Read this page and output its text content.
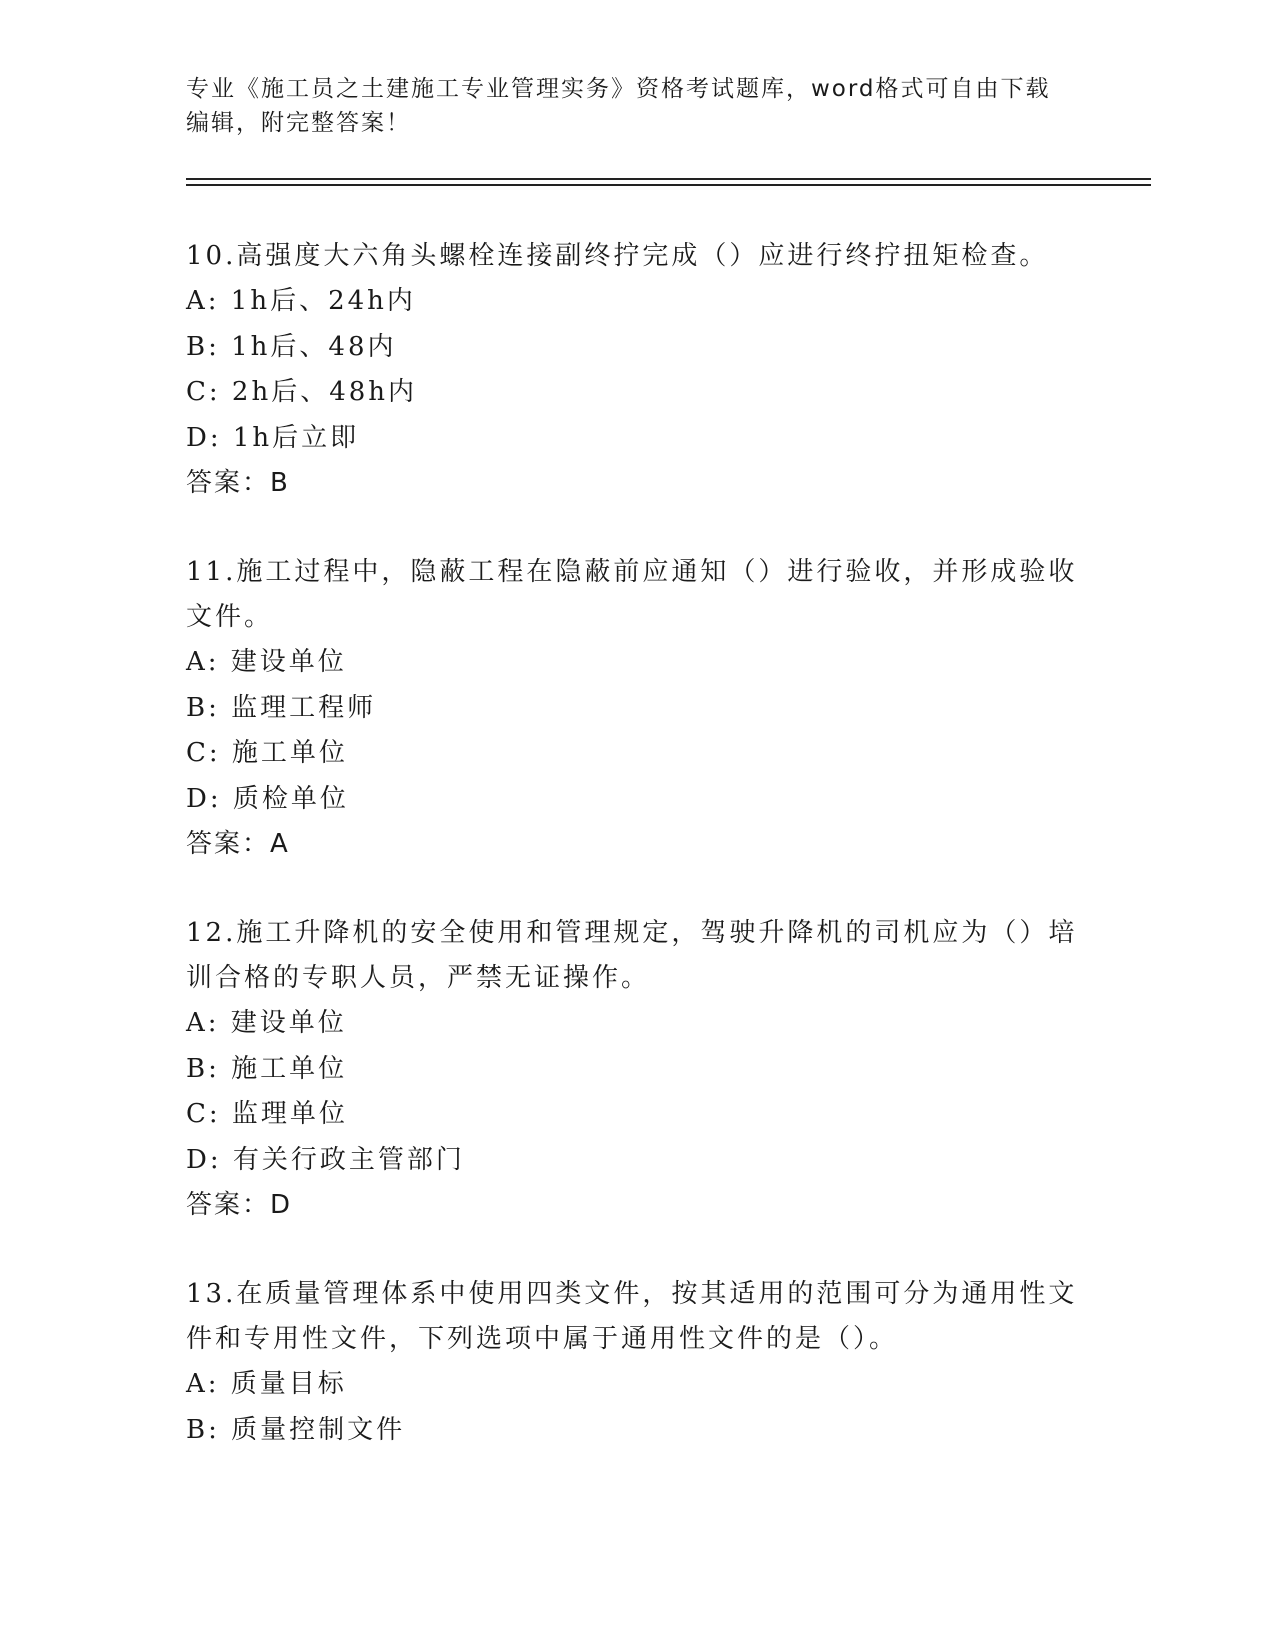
专业《施工员之土建施工专业管理实务》资格考试题库，word格式可自由下载编辑，附完整答案！
10.高强度大六角头螺栓连接副终拧完成（）应进行终拧扭矩检查。
A: 1h后、24h内
B: 1h后、48内
C: 2h后、48h内
D: 1h后立即
答案：B
11.施工过程中，隐蔽工程在隐蔽前应通知（）进行验收，并形成验收文件。
A: 建设单位
B: 监理工程师
C: 施工单位
D: 质检单位
答案：A
12.施工升降机的安全使用和管理规定，驾驶升降机的司机应为（）培训合格的专职人员，严禁无证操作。
A: 建设单位
B: 施工单位
C: 监理单位
D: 有关行政主管部门
答案：D
13.在质量管理体系中使用四类文件，按其适用的范围可分为通用性文件和专用性文件，下列选项中属于通用性文件的是（）。
A: 质量目标
B: 质量控制文件
